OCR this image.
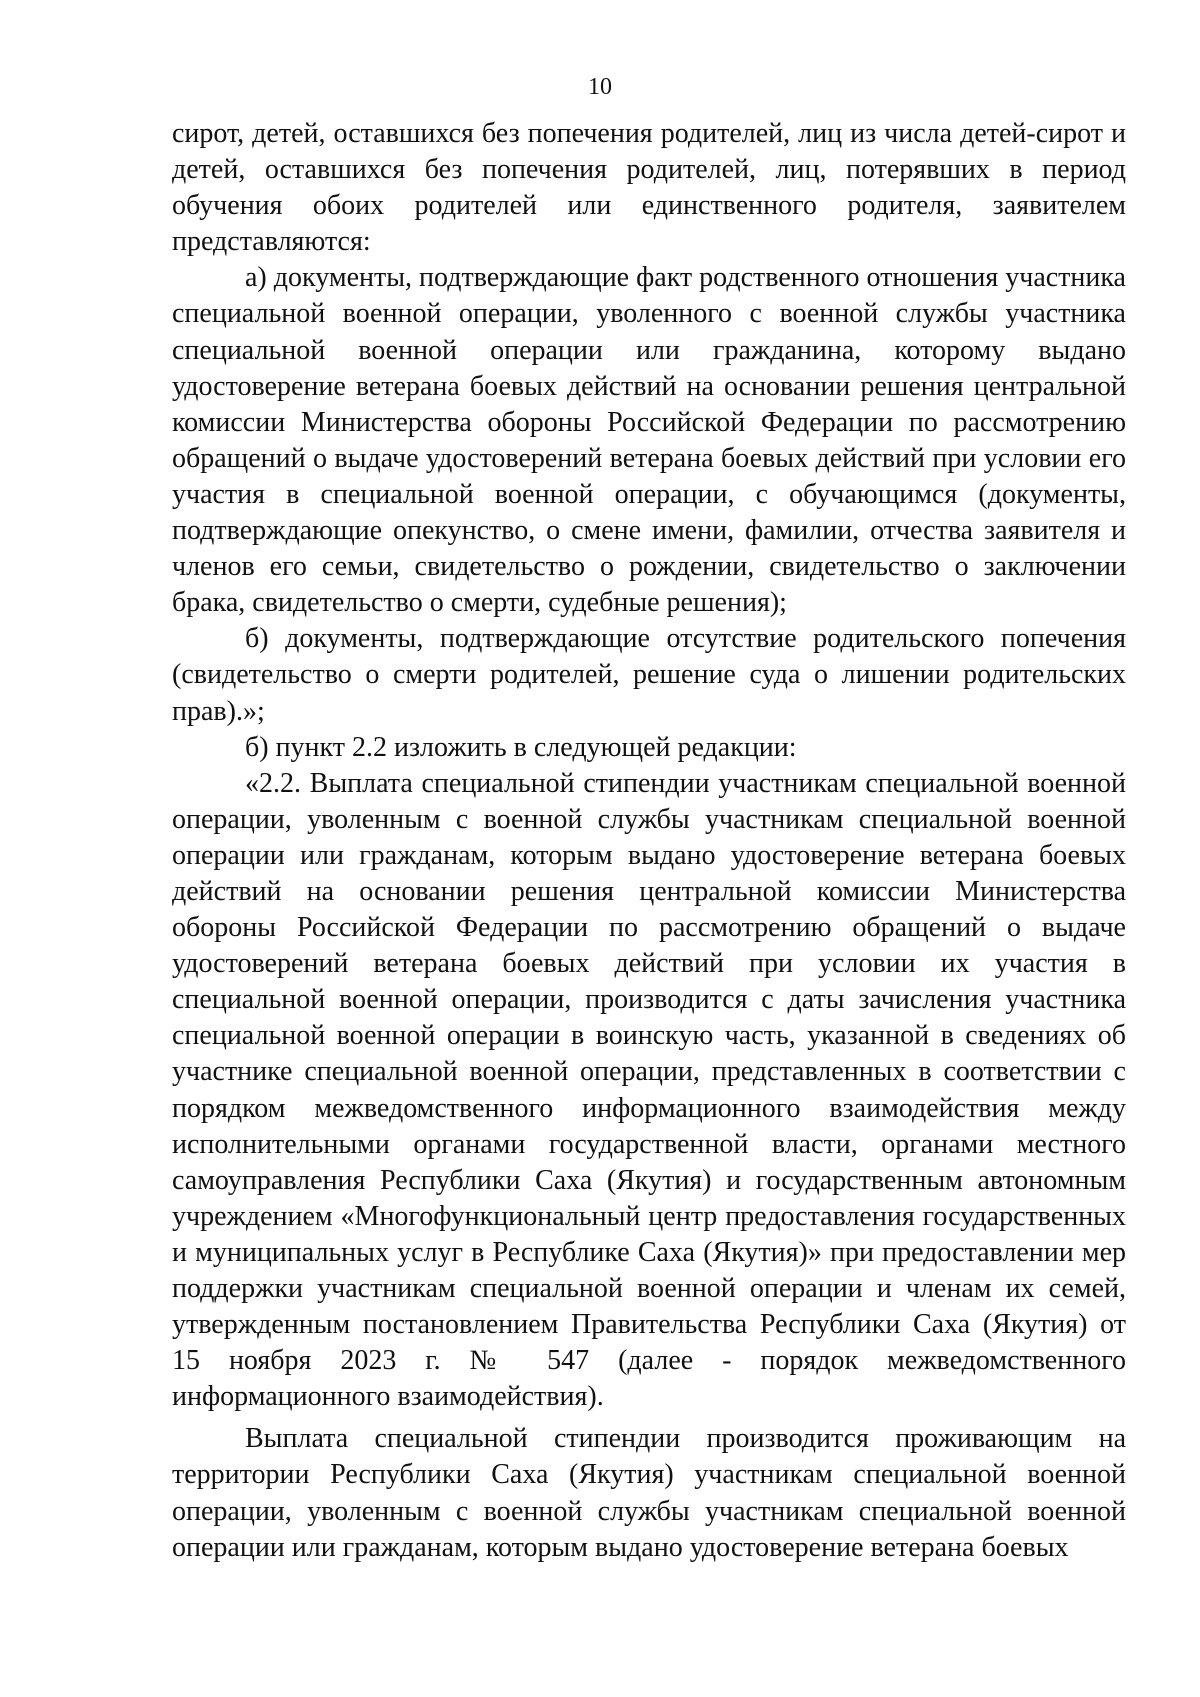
10

сирот, детей, оставшихся без попечения родителей, лиц из числа детей-сирот и детей, оставшихся без попечения родителей, лиц, потерявших в период обучения обоих родителей или единственного родителя, заявителем представляются:

а) документы, подтверждающие факт родственного отношения участника специальной военной операции, уволенного с военной службы участника специальной военной операции или гражданина, которому выдано удостоверение ветерана боевых действий на основании решения центральной комиссии Министерства обороны Российской Федерации по рассмотрению обращений о выдаче удостоверений ветерана боевых действий при условии его участия в специальной военной операции, с обучающимся (документы, подтверждающие опекунство, о смене имени, фамилии, отчества заявителя и членов его семьи, свидетельство о рождении, свидетельство о заключении брака, свидетельство о смерти, судебные решения);

б) документы, подтверждающие отсутствие родительского попечения (свидетельство о смерти родителей, решение суда о лишении родительских прав).»;

б) пункт 2.2 изложить в следующей редакции:

«2.2. Выплата специальной стипендии участникам специальной военной операции, уволенным с военной службы участникам специальной военной операции или гражданам, которым выдано удостоверение ветерана боевых действий на основании решения центральной комиссии Министерства обороны Российской Федерации по рассмотрению обращений о выдаче удостоверений ветерана боевых действий при условии их участия в специальной военной операции, производится с даты зачисления участника специальной военной операции в воинскую часть, указанной в сведениях об участнике специальной военной операции, представленных в соответствии с порядком межведомственного информационного взаимодействия между исполнительными органами государственной власти, органами местного самоуправления Республики Саха (Якутия) и государственным автономным учреждением «Многофункциональный центр предоставления государственных и муниципальных услуг в Республике Саха (Якутия)» при предоставлении мер поддержки участникам специальной военной операции и членам их семей, утвержденным постановлением Правительства Республики Саха (Якутия) от 15 ноября 2023 г. № 547 (далее - порядок межведомственного информационного взаимодействия).

Выплата специальной стипендии производится проживающим на территории Республики Саха (Якутия) участникам специальной военной операции, уволенным с военной службы участникам специальной военной операции или гражданам, которым выдано удостоверение ветерана боевых
